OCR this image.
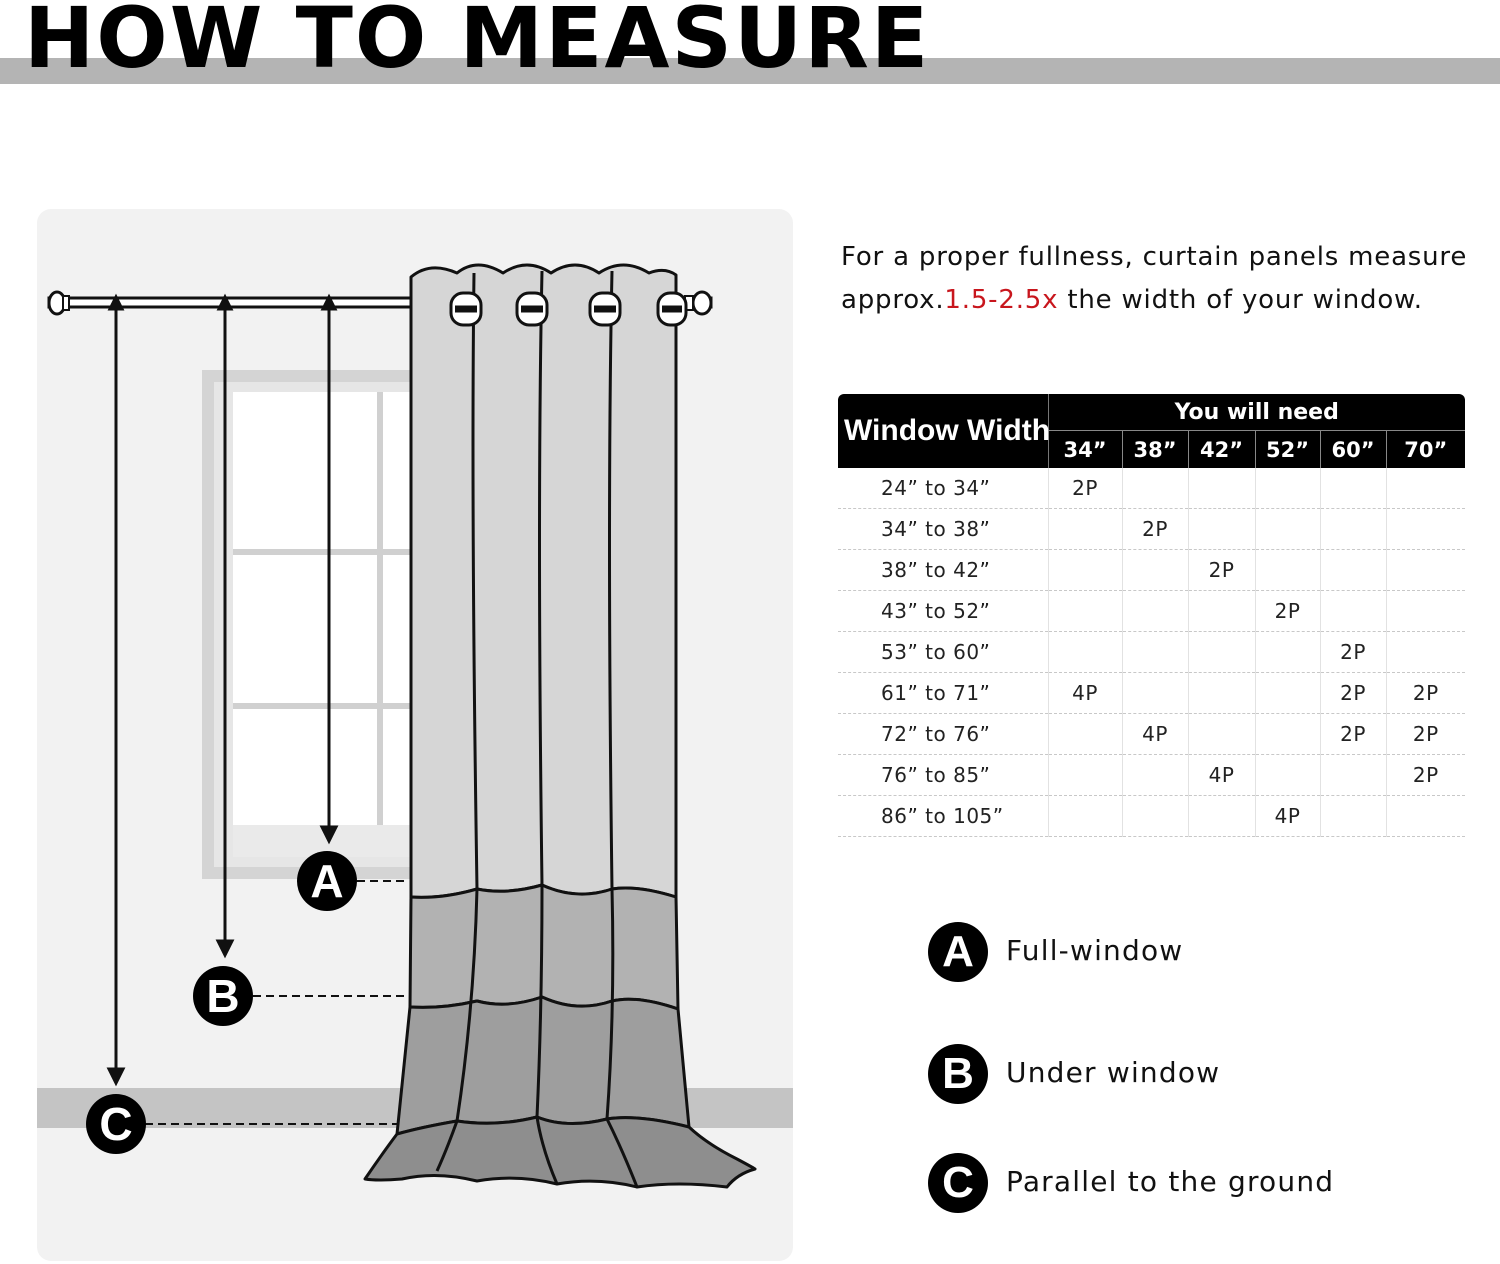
HOW TO MEASURE
A
B
C
For a proper fullness, curtain panels measure
approx.1.5-2.5x the width of your window.
Window Width	You will need					
	34”	38”	42”	52”	60”	70”
24” to 34”	2P					
34” to 38”		2P				
38” to 42”			2P			
43” to 52”				2P		
53” to 60”					2P	
61” to 71”	4P				2P	2P
72” to 76”		4P			2P	2P
76” to 85”			4P			2P
86” to 105”				4P		
A	Full-window
B	Under window
C	Parallel to the ground
